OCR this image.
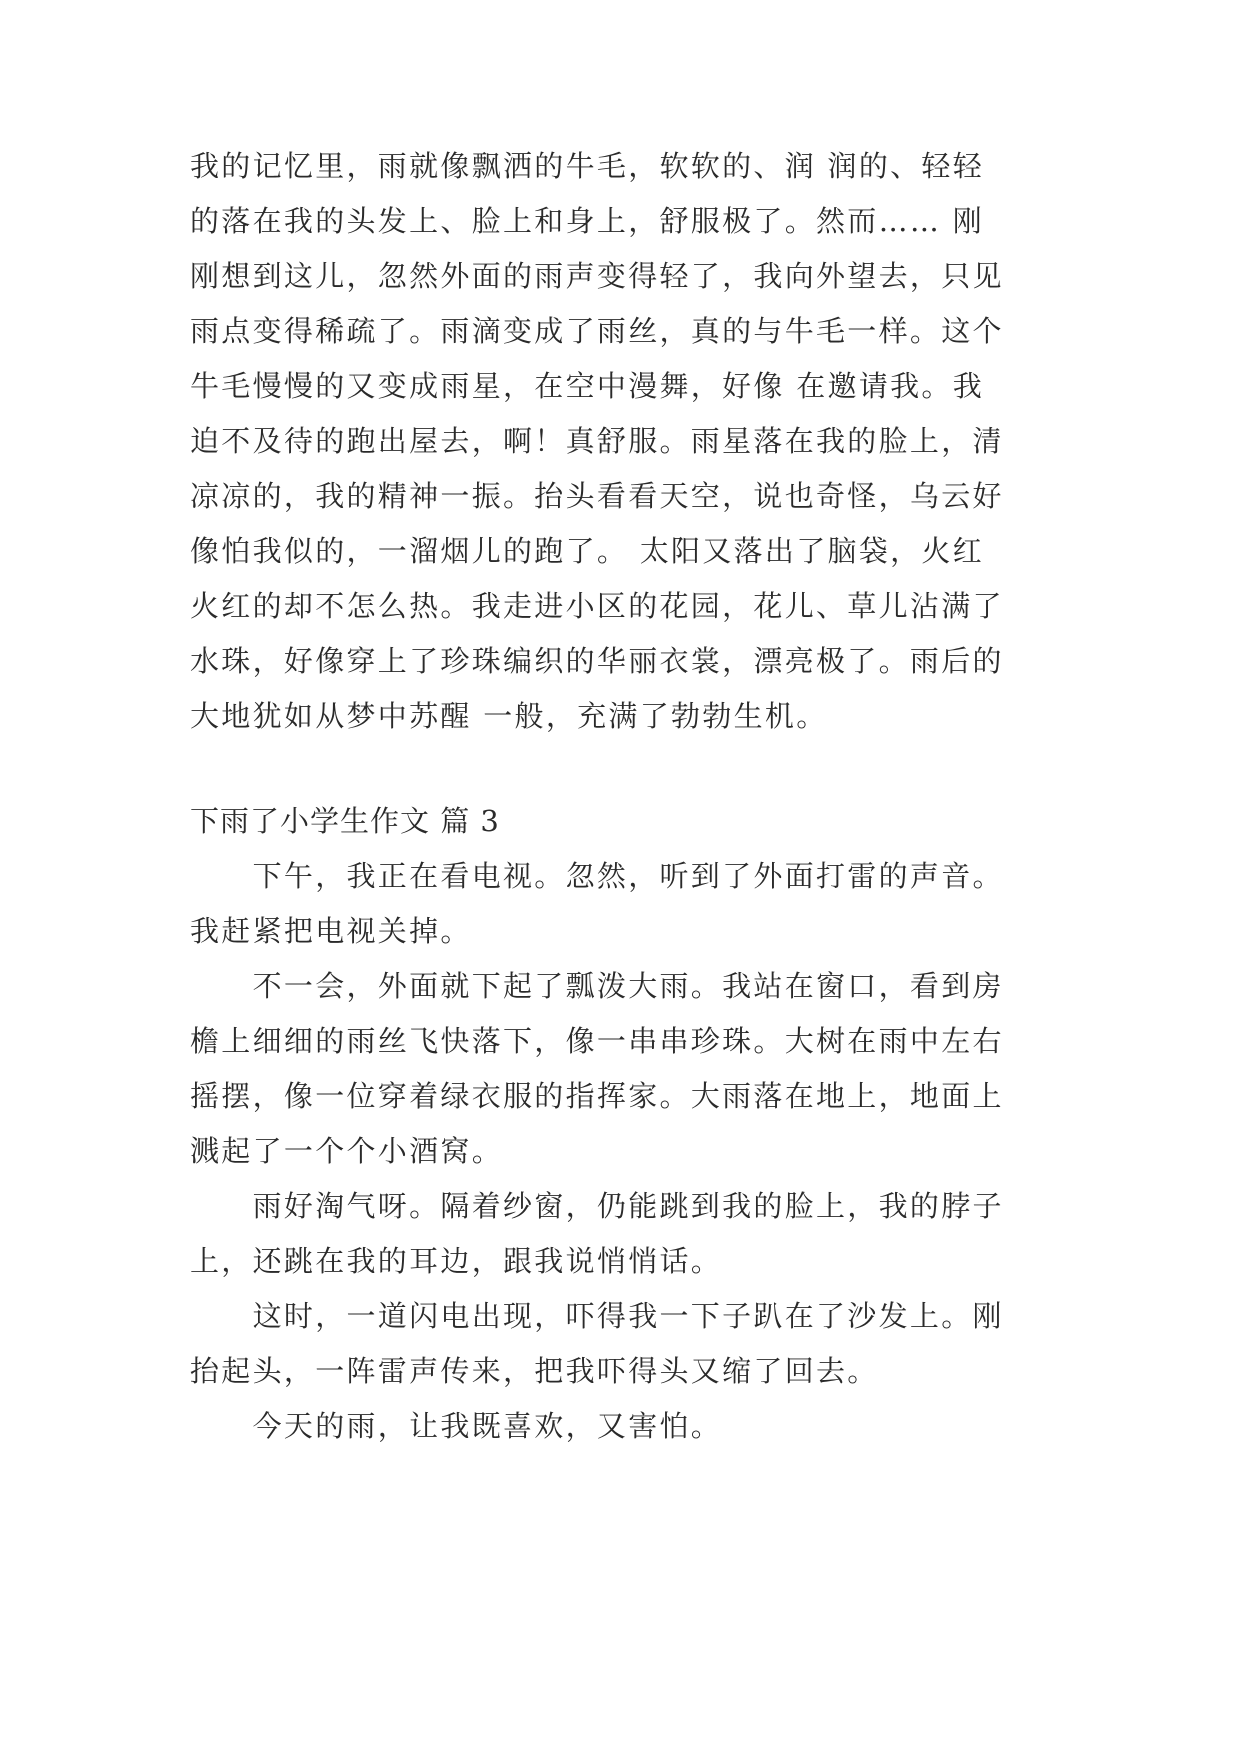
我的记忆里，雨就像飘洒的牛毛，软软的、润 润的、轻轻
的落在我的头发上、脸上和身上，舒服极了。然而…… 刚
刚想到这儿，忽然外面的雨声变得轻了，我向外望去，只见
雨点变得稀疏了。雨滴变成了雨丝，真的与牛毛一样。这个
牛毛慢慢的又变成雨星，在空中漫舞，好像 在邀请我。我
迫不及待的跑出屋去，啊！真舒服。雨星落在我的脸上，清
凉凉的，我的精神一振。抬头看看天空，说也奇怪，乌云好
像怕我似的，一溜烟儿的跑了。 太阳又落出了脑袋，火红
火红的却不怎么热。我走进小区的花园，花儿、草儿沾满了
水珠，好像穿上了珍珠编织的华丽衣裳，漂亮极了。雨后的
大地犹如从梦中苏醒 一般，充满了勃勃生机。
下雨了小学生作文 篇 3
　　下午，我正在看电视。忽然，听到了外面打雷的声音。
我赶紧把电视关掉。
　　不一会，外面就下起了瓢泼大雨。我站在窗口，看到房
檐上细细的雨丝飞快落下，像一串串珍珠。大树在雨中左右
摇摆，像一位穿着绿衣服的指挥家。大雨落在地上，地面上
溅起了一个个小酒窝。
　　雨好淘气呀。隔着纱窗，仍能跳到我的脸上，我的脖子
上，还跳在我的耳边，跟我说悄悄话。
　　这时，一道闪电出现，吓得我一下子趴在了沙发上。刚
抬起头，一阵雷声传来，把我吓得头又缩了回去。
　　今天的雨，让我既喜欢，又害怕。
